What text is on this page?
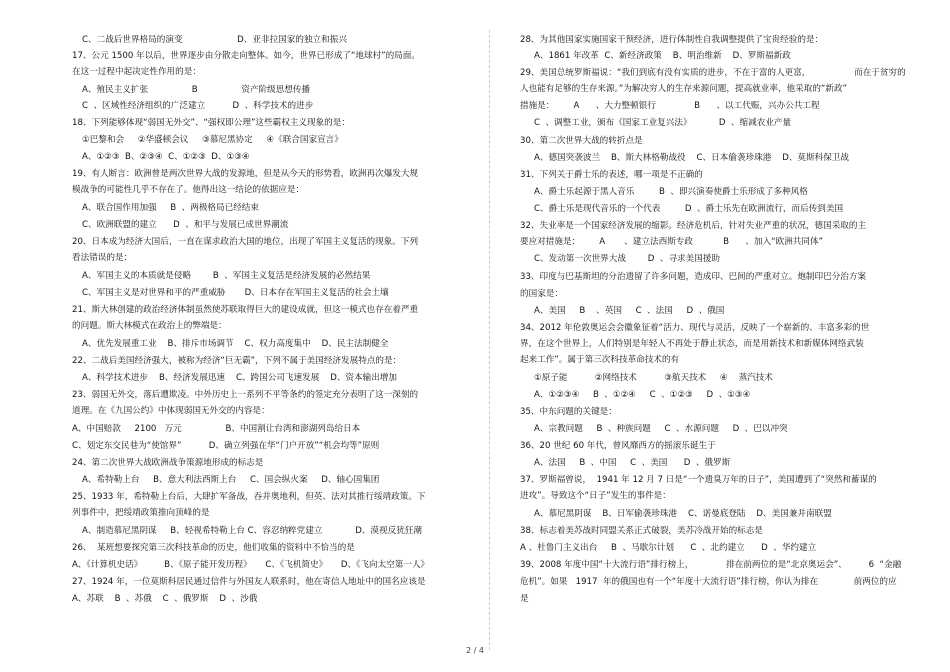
C、二战后世界格局的演变                    D、亚非拉国家的独立和振兴
17、公元 1500 年以后，世界逐步由分散走向整体。如今，世界已形成了“地球村”的局面。
在这一过程中起决定性作用的是：
A、殖民主义扩张                B                资产阶级思想传播
C  、区域性经济组织的广泛建立          D  、科学技术的进步
18、下列能够体现“弱国无外交”、“强权即公理”这些霸权主义现象的是：
①巴黎和会     ②华盛顿会议     ③慕尼黑协定     ④《联合国家宣言》
A、①②③  B、②③④  C、①②③  D、①③④
19、有人断言：欧洲曾是两次世界大战的发源地，但是从今天的形势看，欧洲再次爆发大规
模战争的可能性几乎不存在了。他得出这一结论的依据应是：
A、联合国作用加强     B  、两极格局已经结束
C、欧洲联盟的建立      D  、和平与发展已成世界潮流
20、日本成为经济大国后，一直在谋求政治大国的地位，出现了军国主义复活的现象。下列
看法错误的是：
A、军国主义的本质就是侵略        B  、军国主义复活是经济发展的必然结果
C、军国主义是对世界和平的严重威胁       D、日本存在军国主义复活的社会土壤
21、斯大林创建的政治经济体制虽然使苏联取得巨大的建设成就，但这一模式也存在着严重
的问题。斯大林模式在政治上的弊端是：
A、优先发展重工业    B、排斥市场调节    C、权力高度集中    D、民主法制健全
22、二战后美国经济强大，被称为经济“巨无霸”，下列不属于美国经济发展特点的是：
A、科学技术进步    B、经济发展迅速    C、跨国公司飞速发展    D、资本输出增加
23、弱国无外交，落后遭欺凌。中外历史上一系列不平等条约的签定充分表明了这一深刻的
道理。在《九国公约》中体现弱国无外交的内容是：
A、中国赔款     2100   万元                B、中国割让台湾和澎湖列岛给日本
C、划定东交民巷为“使馆界”          D、确立列强在华“门户开放”“机会均等”原则
24、第二次世界大战欧洲战争策源地形成的标志是
A、希特勒上台     B、意大利法西斯上台     C、国会纵火案     D、轴心国集团
25、1933 年，希特勒上台后，大肆扩军备战，吞并奥地利，但英、法对其推行绥靖政策。下
列事件中，把绥靖政策推向顶峰的是
A、制造慕尼黑阴谋     B、轻视希特勒上台 C、容忍纳粹党建立            D、漠视反犹狂潮
26、  某班想要探究第三次科技革命的历史，他们收集的资料中不恰当的是
A、《计算机史话》        B、《原子能开发历程》     C、《飞机简史》     D、《飞向太空第一人》
27、1924 年，一位莫斯科居民通过信件与外国友人联系时，他在寄信人地址中的国名应该是
A、苏联    B  、苏俄    C  、俄罗斯    D  、沙俄
28、为其他国家实施国家干预经济，进行体制性自我调整提供了宝贵经验的是：
A、1861 年改革  C、新经济政策    B、明治维新    D、罗斯福新政
29、美国总统罗斯福说：“我们到底有没有实质的进步，不在于富的人更富，                而在于贫穷的
人也能有足够的生存来源。”为解决穷人的生存来源问题，提高就业率，他采取的“新政”
措施是：       A      、大力整顿银行              B      、以工代赈，兴办公共工程
C  、调整工业，颁布《国家工业复兴法》          D  、缩减农业产量
30、第二次世界大战的转折点是
A、德国突袭波兰    B、斯大林格勒战役    C、日本偷袭珍珠港    D、莫斯科保卫战
31、下列关于爵士乐的表述，哪一项是不正确的
A、爵士乐起源于黑人音乐         B  、即兴演奏使爵士乐形成了多种风格
C、爵士乐是现代音乐的一个代表         D  、爵士乐先在欧洲流行，而后传到美国
32、失业率是一个国家经济发展的缩影。经济危机后，针对失业严重的状况，德国采取的主
要应对措施是：       A       、建立法西斯专政           B      、加入“欧洲共同体”
C、发动第一次世界大战        D  、寻求美国援助
33、印度与巴基斯坦的分治遗留了许多问题，造成印、巴间的严重对立。炮制印巴分治方案
的国家是：
A、美国     B    、英国     C  、法国     D  、俄国
34、2012 年伦敦奥运会会徽象征着“活力、现代与灵活，反映了一个崭新的、丰富多彩的世
界，在这个世界上，人们特别是年轻人不再处于静止状态，而是用新技术和新媒体网络武装
起来工作”。属于第三次科技革命技术的有
①原子能          ②网络技术          ③航天技术     ④    蒸汽技术
A、①②③④     B  、①②④     C  、①②③     D  、①③④
35、中东问题的关键是：
A、宗教问题     B  、种族问题     C  、水源问题     D  、巴以冲突
36、20 世纪 60 年代，曾风靡西方的摇滚乐诞生于
A、法国     B  、中国     C  、美国      D  、俄罗斯
37、罗斯福曾说，  1941 年 12 月 7 日是“一个遗臭万年的日子”，美国遭到了“突然和蓄谋的
进攻”。导致这个“日子”发生的事件是：
A、慕尼黑阴谋    B、日军偷袭珍珠港    C、诺曼底登陆    D、美国兼并南联盟
38、标志着美苏战时同盟关系正式破裂，美苏冷战开始的标志是
A 、杜鲁门主义出台     B  、马歇尔计划      C  、北约建立      D  、华约建立
39、2008 年度中国“十大流行语”排行榜上，            排在前两位的是“北京奥运会”、        6  “金融
危机”。如果   1917  年的俄国也有一个“年度十大流行语”排行榜，你认为排在             前两位的应
是
2 / 4
